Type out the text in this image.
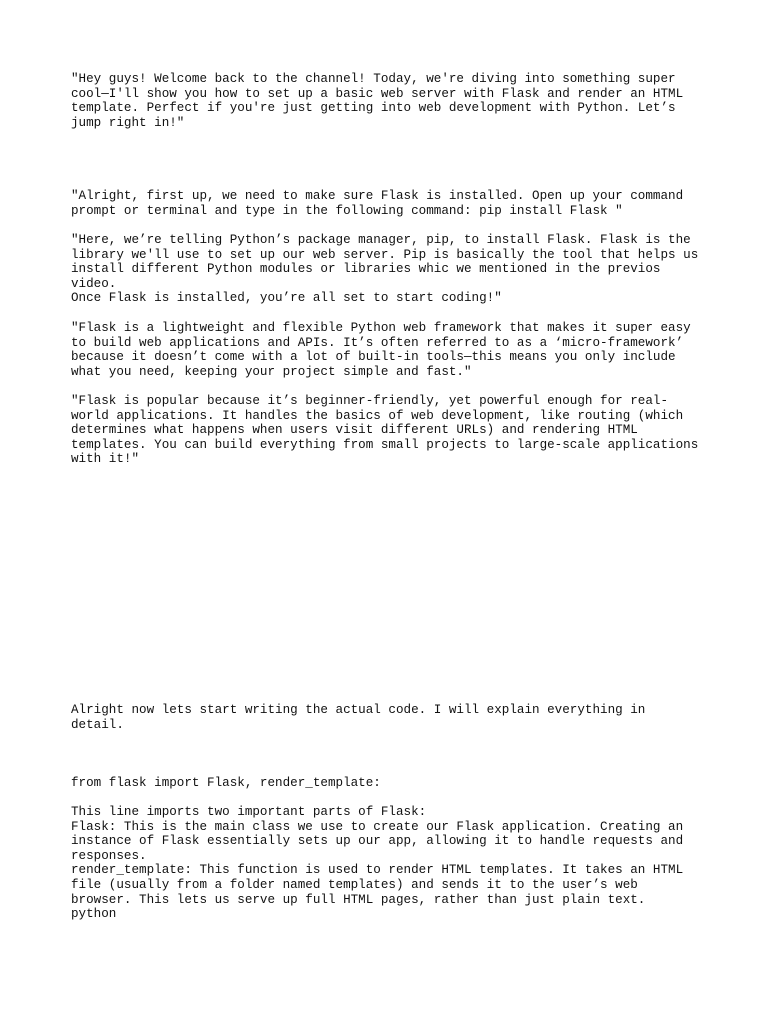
"Hey guys! Welcome back to the channel! Today, we're diving into something super

cool—I'll show you how to set up a basic web server with Flask and render an HTML

template. Perfect if you're just getting into web development with Python. Let’s

jump right in!"

"Alright, first up, we need to make sure Flask is installed. Open up your command

prompt or terminal and type in the following command: pip install Flask "

"Here, we’re telling Python’s package manager, pip, to install Flask. Flask is the

library we'll use to set up our web server. Pip is basically the tool that helps us

install different Python modules or libraries whic we mentioned in the previos

video.

Once Flask is installed, you’re all set to start coding!"

"Flask is a lightweight and flexible Python web framework that makes it super easy

to build web applications and APIs. It’s often referred to as a ‘micro-framework’

because it doesn’t come with a lot of built-in tools—this means you only include

what you need, keeping your project simple and fast."

"Flask is popular because it’s beginner-friendly, yet powerful enough for real-

world applications. It handles the basics of web development, like routing (which

determines what happens when users visit different URLs) and rendering HTML

templates. You can build everything from small projects to large-scale applications

with it!"

Alright now lets start writing the actual code. I will explain everything in

detail.

from flask import Flask, render_template:

This line imports two important parts of Flask:

Flask: This is the main class we use to create our Flask application. Creating an

instance of Flask essentially sets up our app, allowing it to handle requests and

responses.

render_template: This function is used to render HTML templates. It takes an HTML

file (usually from a folder named templates) and sends it to the user’s web

browser. This lets us serve up full HTML pages, rather than just plain text.

python
